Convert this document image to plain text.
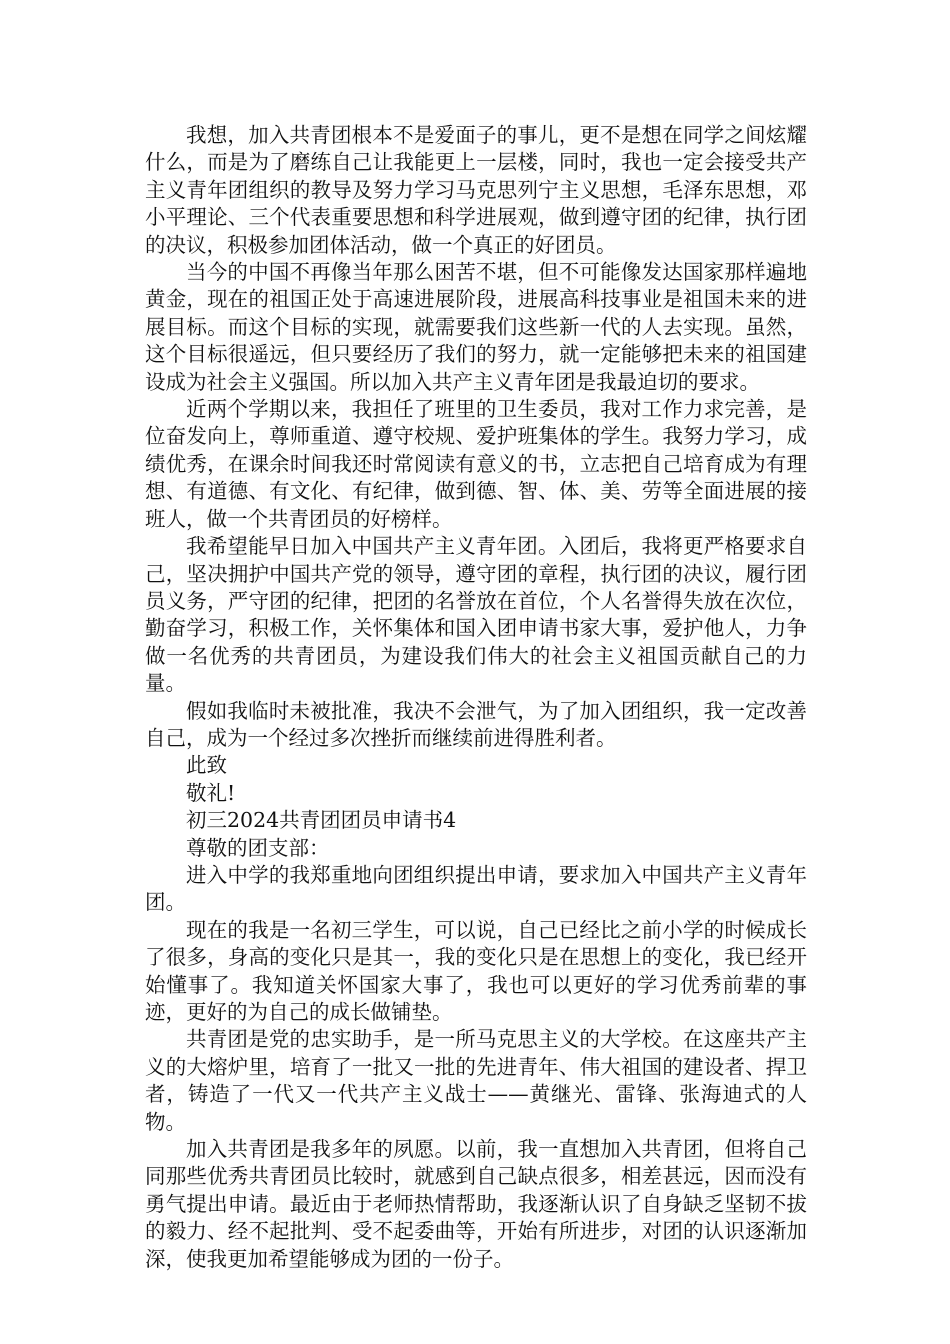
我想，加入共青团根本不是爱面子的事儿，更不是想在同学之间炫耀什么，而是为了磨练自己让我能更上一层楼，同时，我也一定会接受共产主义青年团组织的教导及努力学习马克思列宁主义思想，毛泽东思想，邓小平理论、三个代表重要思想和科学进展观，做到遵守团的纪律，执行团的决议，积极参加团体活动，做一个真正的好团员。

当今的中国不再像当年那么困苦不堪，但不可能像发达国家那样遍地黄金，现在的祖国正处于高速进展阶段，进展高科技事业是祖国未来的进展目标。而这个目标的实现，就需要我们这些新一代的人去实现。虽然，这个目标很遥远，但只要经历了我们的努力，就一定能够把未来的祖国建设成为社会主义强国。所以加入共产主义青年团是我最迫切的要求。

近两个学期以来，我担任了班里的卫生委员，我对工作力求完善，是位奋发向上，尊师重道、遵守校规、爱护班集体的学生。我努力学习，成绩优秀，在课余时间我还时常阅读有意义的书，立志把自己培育成为有理想、有道德、有文化、有纪律，做到德、智、体、美、劳等全面进展的接班人，做一个共青团员的好榜样。

我希望能早日加入中国共产主义青年团。入团后，我将更严格要求自己，坚决拥护中国共产党的领导，遵守团的章程，执行团的决议，履行团员义务，严守团的纪律，把团的名誉放在首位，个人名誉得失放在次位，勤奋学习，积极工作，关怀集体和国入团申请书家大事，爱护他人，力争做一名优秀的共青团员，为建设我们伟大的社会主义祖国贡献自己的力量。

假如我临时未被批准，我决不会泄气，为了加入团组织，我一定改善自己，成为一个经过多次挫折而继续前进得胜利者。

此致

敬礼!

初三2024共青团团员申请书4

尊敬的团支部：

进入中学的我郑重地向团组织提出申请，要求加入中国共产主义青年团。

现在的我是一名初三学生，可以说，自己已经比之前小学的时候成长了很多，身高的变化只是其一，我的变化只是在思想上的变化，我已经开始懂事了。我知道关怀国家大事了，我也可以更好的学习优秀前辈的事迹，更好的为自己的成长做铺垫。

共青团是党的忠实助手，是一所马克思主义的大学校。在这座共产主义的大熔炉里，培育了一批又一批的先进青年、伟大祖国的建设者、捍卫者，铸造了一代又一代共产主义战士——黄继光、雷锋、张海迪式的人物。

加入共青团是我多年的夙愿。以前，我一直想加入共青团，但将自己同那些优秀共青团员比较时，就感到自己缺点很多，相差甚远，因而没有勇气提出申请。最近由于老师热情帮助，我逐渐认识了自身缺乏坚韧不拔的毅力、经不起批判、受不起委曲等，开始有所进步，对团的认识逐渐加深，使我更加希望能够成为团的一份子。
